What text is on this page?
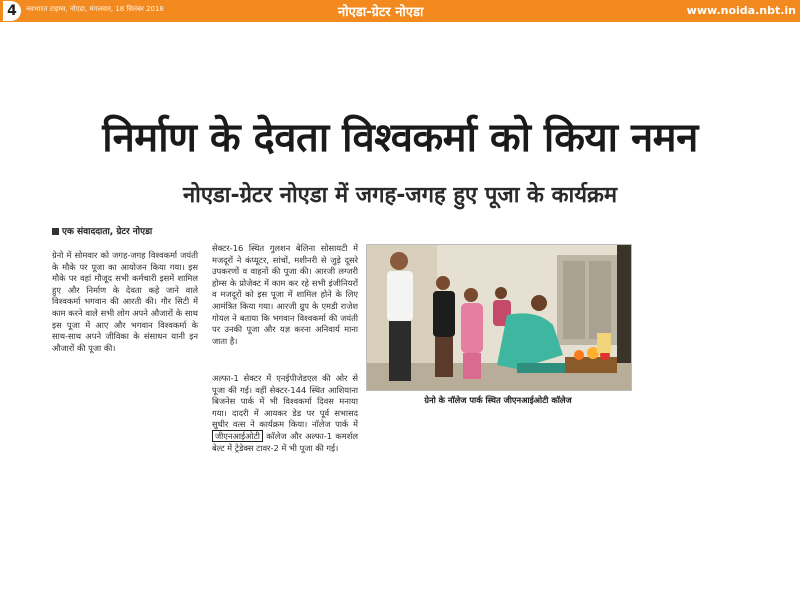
4	नवभारत टाइम्स, नोएडा, मंगलवार, 18 सितंबर 2018	नोएडा-ग्रेटर नोएडा	www.noida.nbt.in
निर्माण के देवता विश्वकर्मा को किया नमन
नोएडा-ग्रेटर नोएडा में जगह-जगह हुए पूजा के कार्यक्रम
एक संवाददाता, ग्रेटर नोएडा
ग्रेनो में सोमवार को जगह-जगह विश्वकर्मा जयंती के मौके पर पूजा का आयोजन किया गया। इस मौके पर वहां मौजूद सभी कर्मचारी इसमें शामिल हुए और निर्माण के देवता कहे जाने वाले विश्वकर्मा भगवान की आरती की। गौर सिटी में काम करने वाले सभी लोग अपने औजारों के साथ इस पूजा में आए और भगवान विश्वकर्मा के साथ-साथ अपने जीविका के संसाधन यानी इन औजारों की पूजा की।
सेक्टर-16 स्थित गुलशन बेलिना सोसायटी में मजदूरों ने कंप्यूटर, सांचों, मशीनरी से जुड़े दूसरे उपकरणों व वाहनों की पूजा की। आरजी लग्जरी होम्स के प्रोजेक्ट में काम कर रहे सभी इंजीनियरों व मजदूरों को इस पूजा में शामिल होने के लिए आमंत्रित किया गया। आरजी ग्रुप के एमडी राजेश गोयल ने बताया कि भगवान विश्वकर्मा की जयंती पर उनकी पूजा और यज्ञ करना अनिवार्य माना जाता है।
अल्फा-1 सेक्टर में एनईपीजेडएल की ओर से पूजा की गई। वहीं सेक्टर-144 स्थित आशियाना बिजनेस पार्क में भी विश्वकर्मा दिवस मनाया गया। दादरी में आयकर डेड पर पूर्व सभासद सुधीर वत्स ने कार्यक्रम किया। नॉलेज पार्क में जीएनआईओटी कॉलेज और अल्फा-1 कमर्शल बेल्ट में ट्रेडेक्स टावर-2 में भी पूजा की गई।
ग्रेनो के नॉलेज पार्क स्थित जीएनआईओटी कॉलेज
